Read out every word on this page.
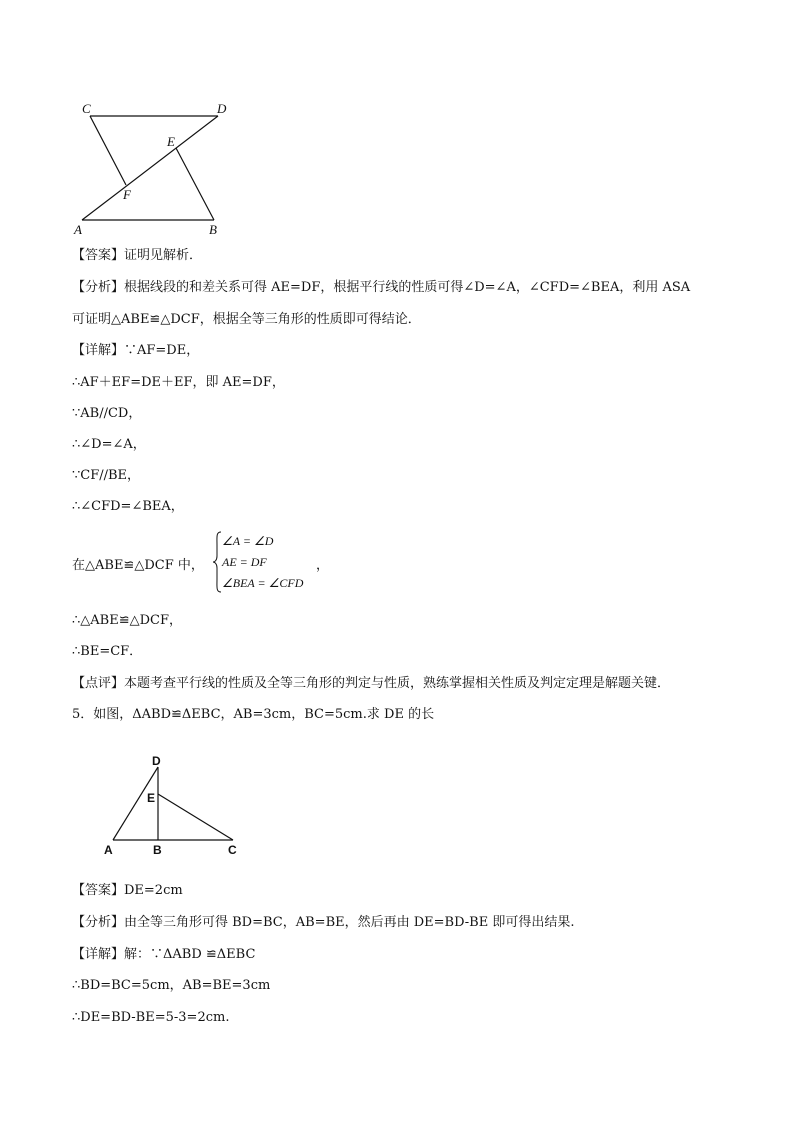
C	D
E
F
A	B
【答案】证明见解析．
【分析】根据线段的和差关系可得 AE=DF，根据平行线的性质可得∠D=∠A，∠CFD=∠BEA，利用 ASA
可证明△ABE≌△DCF，根据全等三角形的性质即可得结论．
【详解】∵AF=DE，
∴AF＋EF=DE＋EF，即 AE=DF，
∵AB//CD，
∴∠D=∠A，
∵CF//BE，
∴∠CFD=∠BEA，
在△ABE≌△DCF 中，
∠A = ∠D
AE = DF
∠BEA = ∠CFD
，
∴△ABE≌△DCF，
∴BE=CF．
【点评】本题考查平行线的性质及全等三角形的判定与性质，熟练掌握相关性质及判定定理是解题关键．
5．如图，ΔABD≌ΔEBC，AB=3cm，BC=5cm.求 DE 的长
D
E
A	B	C
【答案】DE=2cm
【分析】由全等三角形可得 BD=BC，AB=BE，然后再由 DE=BD-BE 即可得出结果.
【详解】解：∵ΔABD ≌ΔEBC
∴BD=BC=5cm，AB=BE=3cm
∴DE=BD-BE=5-3=2cm.
